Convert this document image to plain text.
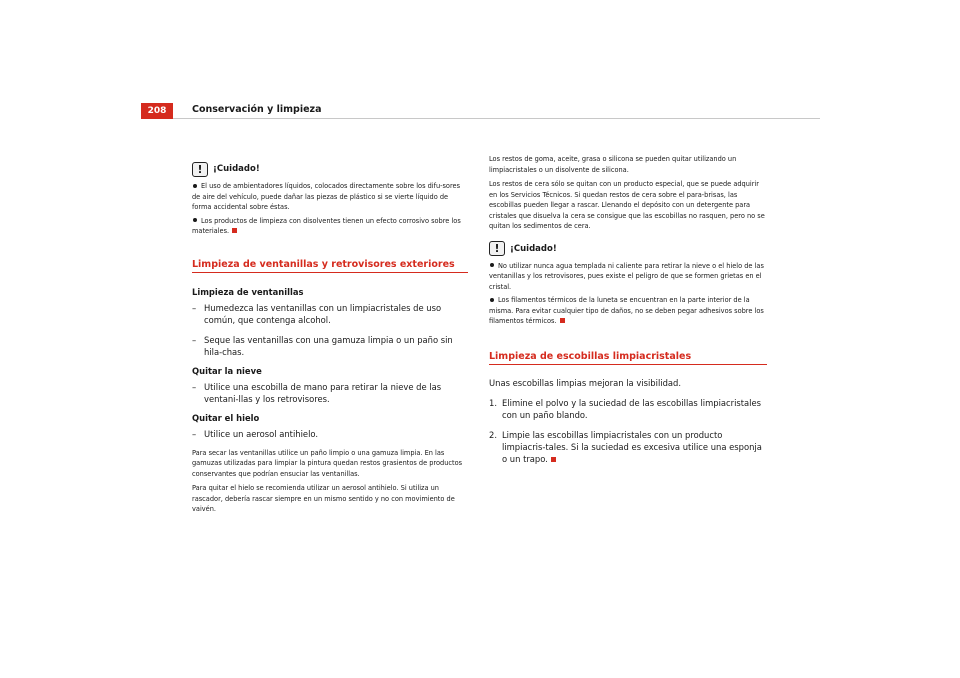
208	Conservación y limpieza
!	¡Cuidado!

El uso de ambientadores líquidos, colocados directamente sobre los difu-sores de aire del vehículo, puede dañar las piezas de plástico si se vierte líquido de forma accidental sobre éstas.

Los productos de limpieza con disolventes tienen un efecto corrosivo sobre los materiales.

Limpieza de ventanillas y retrovisores exteriores

Limpieza de ventanillas

– Humedezca las ventanillas con un limpiacristales de uso común, que contenga alcohol.
– Seque las ventanillas con una gamuza limpia o un paño sin hila-chas.

Quitar la nieve

– Utilice una escobilla de mano para retirar la nieve de las ventani-llas y los retrovisores.

Quitar el hielo

– Utilice un aerosol antihielo.

Para secar las ventanillas utilice un paño limpio o una gamuza limpia. En las gamuzas utilizadas para limpiar la pintura quedan restos grasientos de productos conservantes que podrían ensuciar las ventanillas.

Para quitar el hielo se recomienda utilizar un aerosol antihielo. Si utiliza un rascador, debería rascar siempre en un mismo sentido y no con movimiento de vaivén.

Los restos de goma, aceite, grasa o silicona se pueden quitar utilizando un limpiacristales o un disolvente de silicona.

Los restos de cera sólo se quitan con un producto especial, que se puede adquirir en los Servicios Técnicos. Si quedan restos de cera sobre el para-brisas, las escobillas pueden llegar a rascar. Llenando el depósito con un detergente para cristales que disuelva la cera se consigue que las escobillas no rasquen, pero no se quitan los sedimentos de cera.

!	¡Cuidado!

No utilizar nunca agua templada ni caliente para retirar la nieve o el hielo de las ventanillas y los retrovisores, pues existe el peligro de que se formen grietas en el cristal.

Los filamentos térmicos de la luneta se encuentran en la parte interior de la misma. Para evitar cualquier tipo de daños, no se deben pegar adhesivos sobre los filamentos térmicos.

Limpieza de escobillas limpiacristales

Unas escobillas limpias mejoran la visibilidad.

1. Elimine el polvo y la suciedad de las escobillas limpiacristales con un paño blando.
2. Limpie las escobillas limpiacristales con un producto limpiacris-tales. Si la suciedad es excesiva utilice una esponja o un trapo.
